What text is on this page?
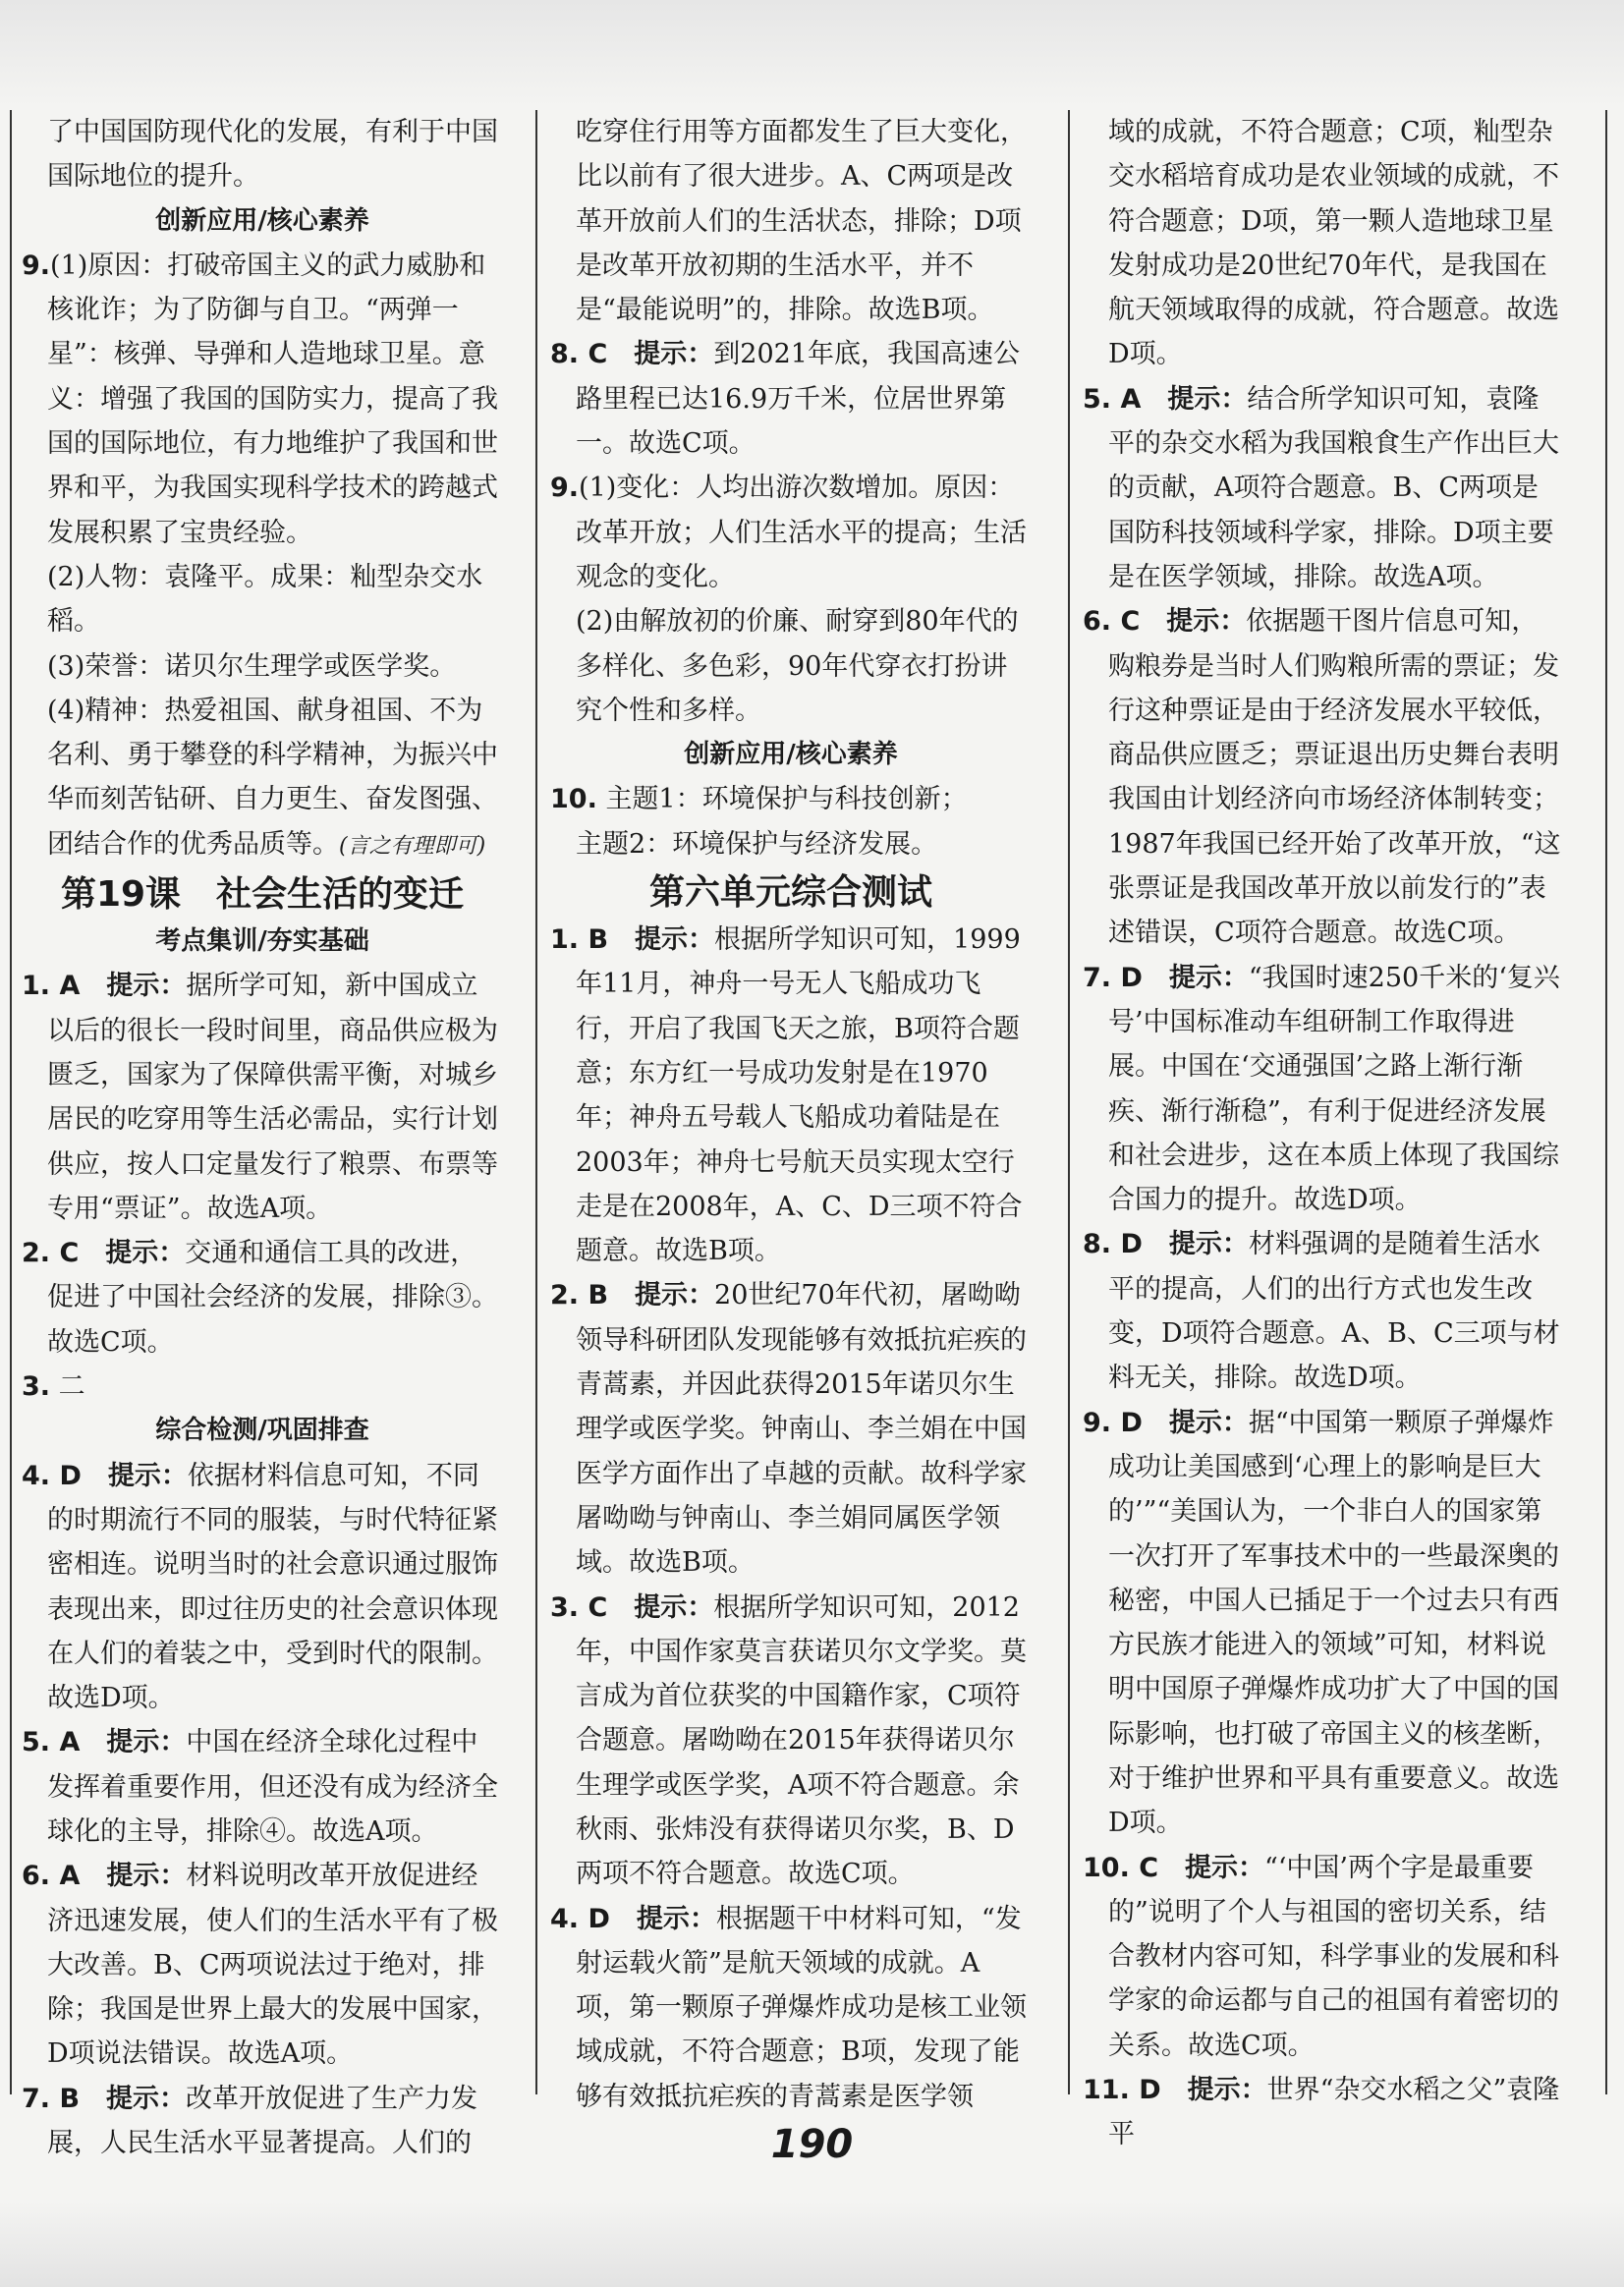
了中国国防现代化的发展，有利于中国国际地位的提升。

创新应用/核心素养

9.(1)原因：打破帝国主义的武力威胁和核讹诈；为了防御与自卫。“两弹一星”：核弹、导弹和人造地球卫星。意义：增强了我国的国防实力，提高了我国的国际地位，有力地维护了我国和世界和平，为我国实现科学技术的跨越式发展积累了宝贵经验。

(2)人物：袁隆平。成果：籼型杂交水稻。

(3)荣誉：诺贝尔生理学或医学奖。

(4)精神：热爱祖国、献身祖国、不为名利、勇于攀登的科学精神，为振兴中华而刻苦钻研、自力更生、奋发图强、团结合作的优秀品质等。(言之有理即可)

第19课　社会生活的变迁

考点集训/夯实基础

1. A　 提示：据所学可知，新中国成立以后的很长一段时间里，商品供应极为匮乏，国家为了保障供需平衡，对城乡居民的吃穿用等生活必需品，实行计划供应，按人口定量发行了粮票、布票等专用“票证”。故选A项。

2. C　 提示：交通和通信工具的改进，促进了中国社会经济的发展，排除③。故选C项。

3. 二

综合检测/巩固排查

4. D　 提示：依据材料信息可知，不同的时期流行不同的服装，与时代特征紧密相连。说明当时的社会意识通过服饰表现出来，即过往历史的社会意识体现在人们的着装之中，受到时代的限制。故选D项。

5. A　 提示：中国在经济全球化过程中发挥着重要作用，但还没有成为经济全球化的主导，排除④。故选A项。

6. A　 提示：材料说明改革开放促进经济迅速发展，使人们的生活水平有了极大改善。B、C两项说法过于绝对，排除；我国是世界上最大的发展中国家，D项说法错误。故选A项。

7. B　 提示：改革开放促进了生产力发展，人民生活水平显著提高。人们的

吃穿住行用等方面都发生了巨大变化，比以前有了很大进步。A、C两项是改革开放前人们的生活状态，排除；D项是改革开放初期的生活水平，并不是“最能说明”的，排除。故选B项。

8. C　 提示：到2021年底，我国高速公路里程已达16.9万千米，位居世界第一。故选C项。

9.(1)变化：人均出游次数增加。原因：改革开放；人们生活水平的提高；生活观念的变化。

(2)由解放初的价廉、耐穿到80年代的多样化、多色彩，90年代穿衣打扮讲究个性和多样。

创新应用/核心素养

10. 主题1：环境保护与科技创新；

主题2：环境保护与经济发展。

第六单元综合测试

1. B　 提示：根据所学知识可知，1999年11月，神舟一号无人飞船成功飞行，开启了我国飞天之旅，B项符合题意；东方红一号成功发射是在1970年；神舟五号载人飞船成功着陆是在2003年；神舟七号航天员实现太空行走是在2008年，A、C、D三项不符合题意。故选B项。

2. B　 提示：20世纪70年代初，屠呦呦领导科研团队发现能够有效抵抗疟疾的青蒿素，并因此获得2015年诺贝尔生理学或医学奖。钟南山、李兰娟在中国医学方面作出了卓越的贡献。故科学家屠呦呦与钟南山、李兰娟同属医学领域。故选B项。

3. C　 提示：根据所学知识可知，2012年，中国作家莫言获诺贝尔文学奖。莫言成为首位获奖的中国籍作家，C项符合题意。屠呦呦在2015年获得诺贝尔生理学或医学奖，A项不符合题意。余秋雨、张炜没有获得诺贝尔奖，B、D两项不符合题意。故选C项。

4. D　 提示：根据题干中材料可知，“发射运载火箭”是航天领域的成就。A项，第一颗原子弹爆炸成功是核工业领域成就，不符合题意；B项，发现了能够有效抵抗疟疾的青蒿素是医学领

域的成就，不符合题意；C项，籼型杂交水稻培育成功是农业领域的成就，不符合题意；D项，第一颗人造地球卫星发射成功是20世纪70年代，是我国在航天领域取得的成就，符合题意。故选D项。

5. A　 提示：结合所学知识可知，袁隆平的杂交水稻为我国粮食生产作出巨大的贡献，A项符合题意。B、C两项是国防科技领域科学家，排除。D项主要是在医学领域，排除。故选A项。

6. C　 提示：依据题干图片信息可知，购粮券是当时人们购粮所需的票证；发行这种票证是由于经济发展水平较低，商品供应匮乏；票证退出历史舞台表明我国由计划经济向市场经济体制转变；1987年我国已经开始了改革开放，“这张票证是我国改革开放以前发行的”表述错误，C项符合题意。故选C项。

7. D　 提示：“我国时速250千米的‘复兴号’中国标准动车组研制工作取得进展。中国在‘交通强国’之路上渐行渐疾、渐行渐稳”，有利于促进经济发展和社会进步，这在本质上体现了我国综合国力的提升。故选D项。

8. D　 提示：材料强调的是随着生活水平的提高，人们的出行方式也发生改变，D项符合题意。A、B、C三项与材料无关，排除。故选D项。

9. D　 提示：据“中国第一颗原子弹爆炸成功让美国感到‘心理上的影响是巨大的’”“美国认为，一个非白人的国家第一次打开了军事技术中的一些最深奥的秘密，中国人已插足于一个过去只有西方民族才能进入的领域”可知，材料说明中国原子弹爆炸成功扩大了中国的国际影响，也打破了帝国主义的核垄断，对于维护世界和平具有重要意义。故选D项。

10. C　 提示：“‘中国’两个字是最重要的”说明了个人与祖国的密切关系，结合教材内容可知，科学事业的发展和科学家的命运都与自己的祖国有着密切的关系。故选C项。

11. D　 提示：世界“杂交水稻之父”袁隆平

190
